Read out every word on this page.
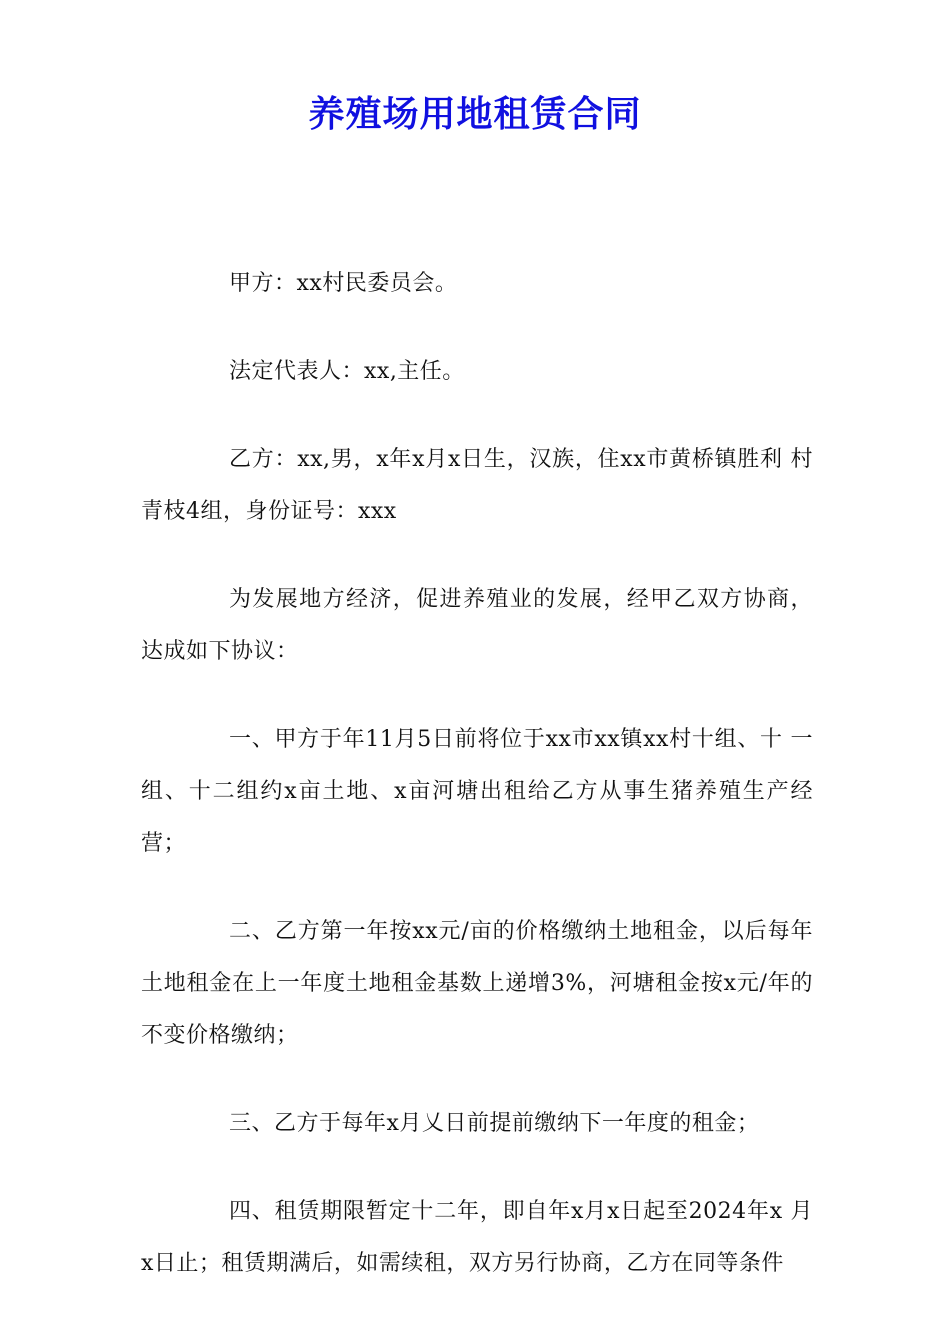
养殖场用地租赁合同

甲方：xx村民委员会。

法定代表人：xx,主任。

乙方：xx,男，x年x月x日生，汉族，住xx市黄桥镇胜利 村青枝4组，身份证号：xxx

为发展地方经济，促进养殖业的发展，经甲乙双方协商，达成如下协议：

一、甲方于年11月5日前将位于xx市xx镇xx村十组、十 一组、十二组约x亩土地、x亩河塘出租给乙方从事生猪养殖生产经营；

二、乙方第一年按xx元/亩的价格缴纳土地租金，以后每年土地租金在上一年度土地租金基数上递增3%，河塘租金按x元/年的不变价格缴纳；

三、乙方于每年x月乂日前提前缴纳下一年度的租金；

四、租赁期限暂定十二年，即自年x月x日起至2024年x 月x日止；租赁期满后，如需续租，双方另行协商，乙方在同等条件
